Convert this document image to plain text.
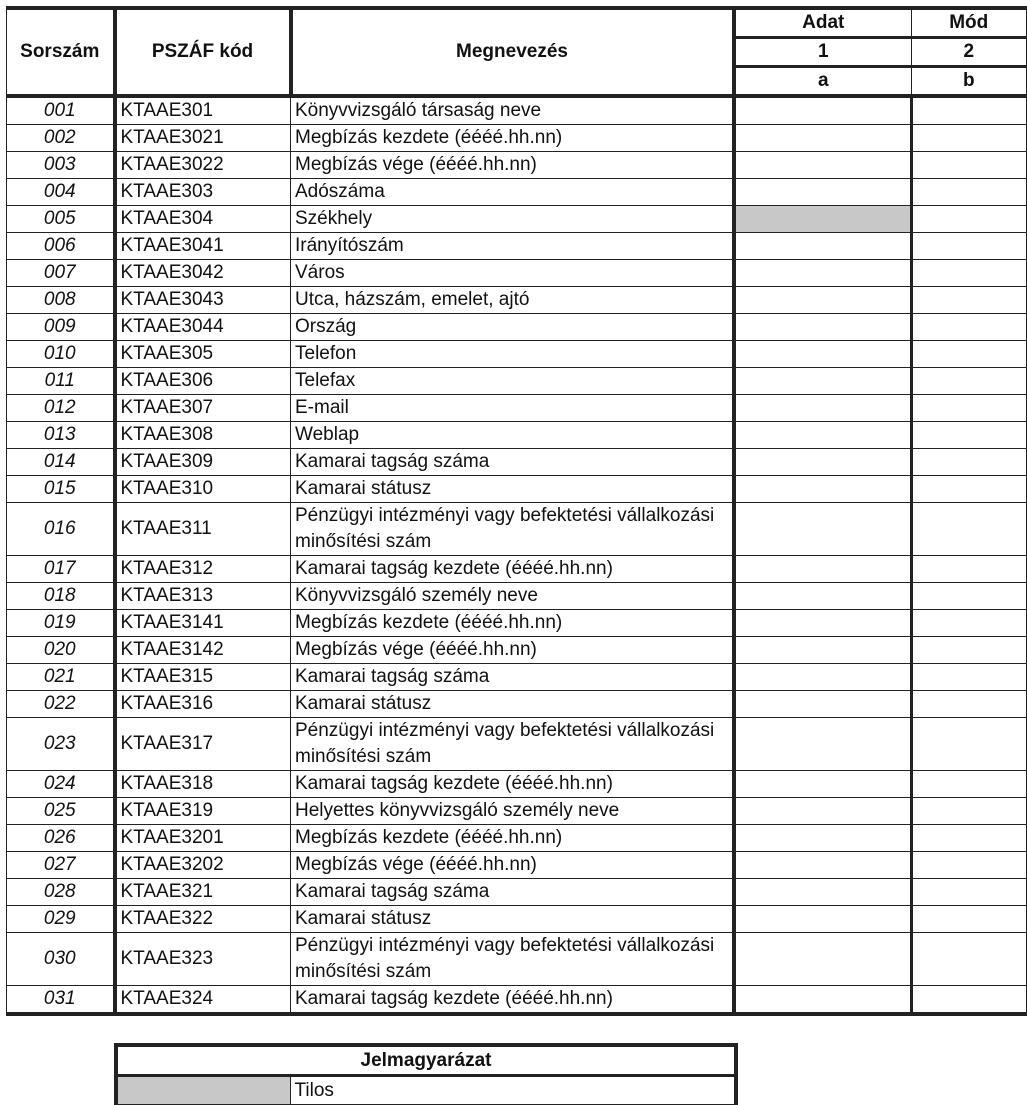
Sorszám	PSZÁF kód	Megnevezés	Adat	Mód
			1	2
			a	b
001	KTAAE301	Könyvvizsgáló társaság neve		
002	KTAAE3021	Megbízás kezdete (éééé.hh.nn)		
003	KTAAE3022	Megbízás vége (éééé.hh.nn)		
004	KTAAE303	Adószáma		
005	KTAAE304	Székhely		
006	KTAAE3041	Irányítószám		
007	KTAAE3042	Város		
008	KTAAE3043	Utca, házszám, emelet, ajtó		
009	KTAAE3044	Ország		
010	KTAAE305	Telefon		
011	KTAAE306	Telefax		
012	KTAAE307	E-mail		
013	KTAAE308	Weblap		
014	KTAAE309	Kamarai tagság száma		
015	KTAAE310	Kamarai státusz		
016	KTAAE311	Pénzügyi intézményi vagy befektetési vállalkozási minősítési szám		
017	KTAAE312	Kamarai tagság kezdete (éééé.hh.nn)		
018	KTAAE313	Könyvvizsgáló személy neve		
019	KTAAE3141	Megbízás kezdete (éééé.hh.nn)		
020	KTAAE3142	Megbízás vége (éééé.hh.nn)		
021	KTAAE315	Kamarai tagság száma		
022	KTAAE316	Kamarai státusz		
023	KTAAE317	Pénzügyi intézményi vagy befektetési vállalkozási minősítési szám		
024	KTAAE318	Kamarai tagság kezdete (éééé.hh.nn)		
025	KTAAE319	Helyettes könyvvizsgáló személy neve		
026	KTAAE3201	Megbízás kezdete (éééé.hh.nn)		
027	KTAAE3202	Megbízás vége (éééé.hh.nn)		
028	KTAAE321	Kamarai tagság száma		
029	KTAAE322	Kamarai státusz		
030	KTAAE323	Pénzügyi intézményi vagy befektetési vállalkozási minősítési szám		
031	KTAAE324	Kamarai tagság kezdete (éééé.hh.nn)		
Jelmagyarázat
	Tilos
